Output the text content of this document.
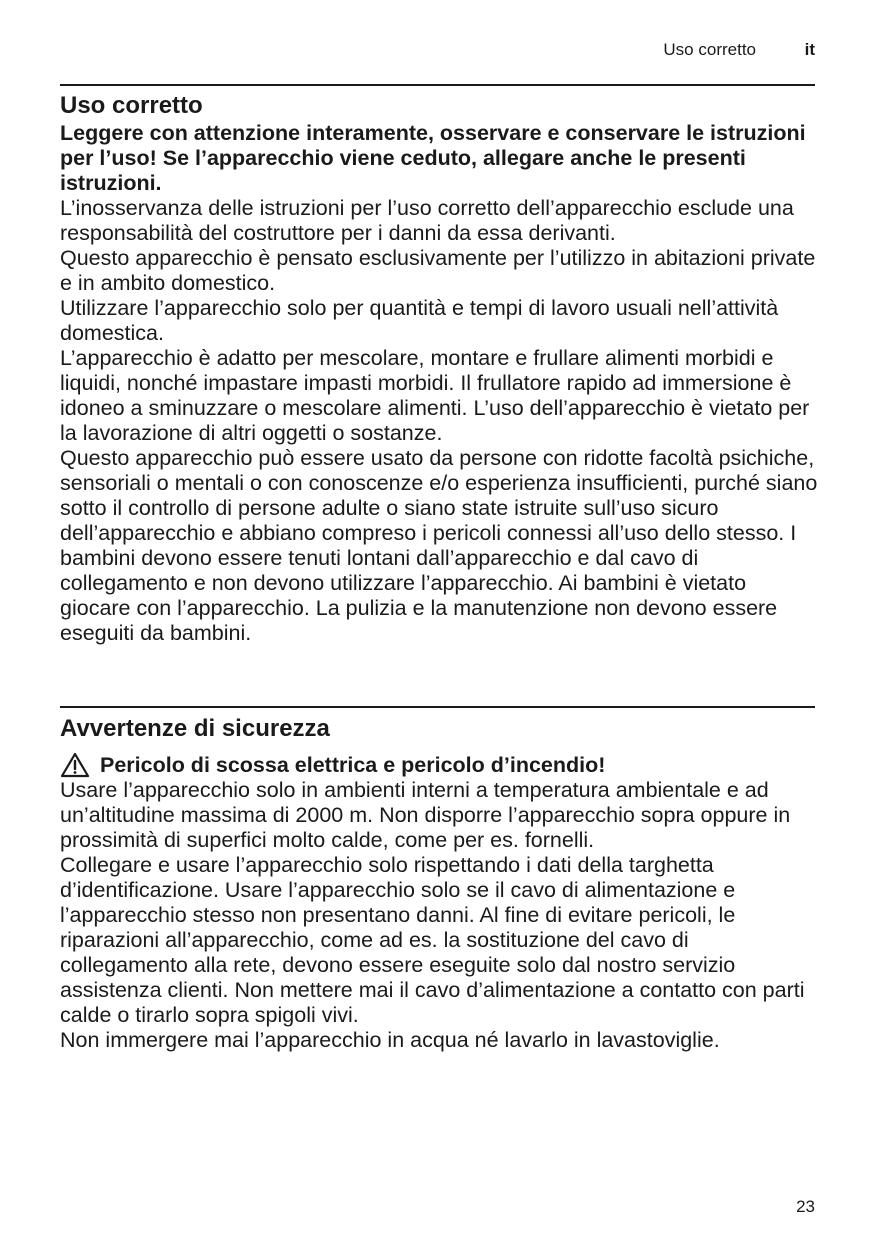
Uso corretto	it
Uso corretto

Leggere con attenzione interamente, osservare e conservare le istruzioni per l’uso! Se l’apparecchio viene ceduto, allegare anche le presenti istruzioni.

L’inosservanza delle istruzioni per l’uso corretto dell’apparecchio esclude una responsabilità del costruttore per i danni da essa derivanti.

Questo apparecchio è pensato esclusivamente per l’utilizzo in abitazioni private e in ambito domestico.

Utilizzare l’apparecchio solo per quantità e tempi di lavoro usuali nell’attività domestica.

L’apparecchio è adatto per mescolare, montare e frullare alimenti morbidi e liquidi, nonché impastare impasti morbidi. Il frullatore rapido ad immersione è idoneo a sminuzzare o mescolare alimenti. L’uso dell’apparecchio è vietato per la lavorazione di altri oggetti o sostanze.

Questo apparecchio può essere usato da persone con ridotte facoltà psichiche, sensoriali o mentali o con conoscenze e/o esperienza insufficienti, purché siano sotto il controllo di persone adulte o siano state istruite sull’uso sicuro dell’apparecchio e abbiano compreso i pericoli connessi all’uso dello stesso. I bambini devono essere tenuti lontani dall’apparecchio e dal cavo di collegamento e non devono utilizzare l’apparecchio. Ai bambini è vietato giocare con l’apparecchio. La pulizia e la manutenzione non devono essere eseguiti da bambini.

Avvertenze di sicurezza
Pericolo di scossa elettrica e pericolo d’incendio!

Usare l’apparecchio solo in ambienti interni a temperatura ambientale e ad un’altitudine massima di 2000 m. Non disporre l’apparecchio sopra oppure in prossimità di superfici molto calde, come per es. fornelli.

Collegare e usare l’apparecchio solo rispettando i dati della targhetta d’identificazione. Usare l’apparecchio solo se il cavo di alimentazione e l’apparecchio stesso non presentano danni. Al fine di evitare pericoli, le riparazioni all’apparecchio, come ad es. la sostituzione del cavo di collegamento alla rete, devono essere eseguite solo dal nostro servizio assistenza clienti. Non mettere mai il cavo d’alimentazione a contatto con parti calde o tirarlo sopra spigoli vivi.

Non immergere mai l’apparecchio in acqua né lavarlo in lavastoviglie.

23
